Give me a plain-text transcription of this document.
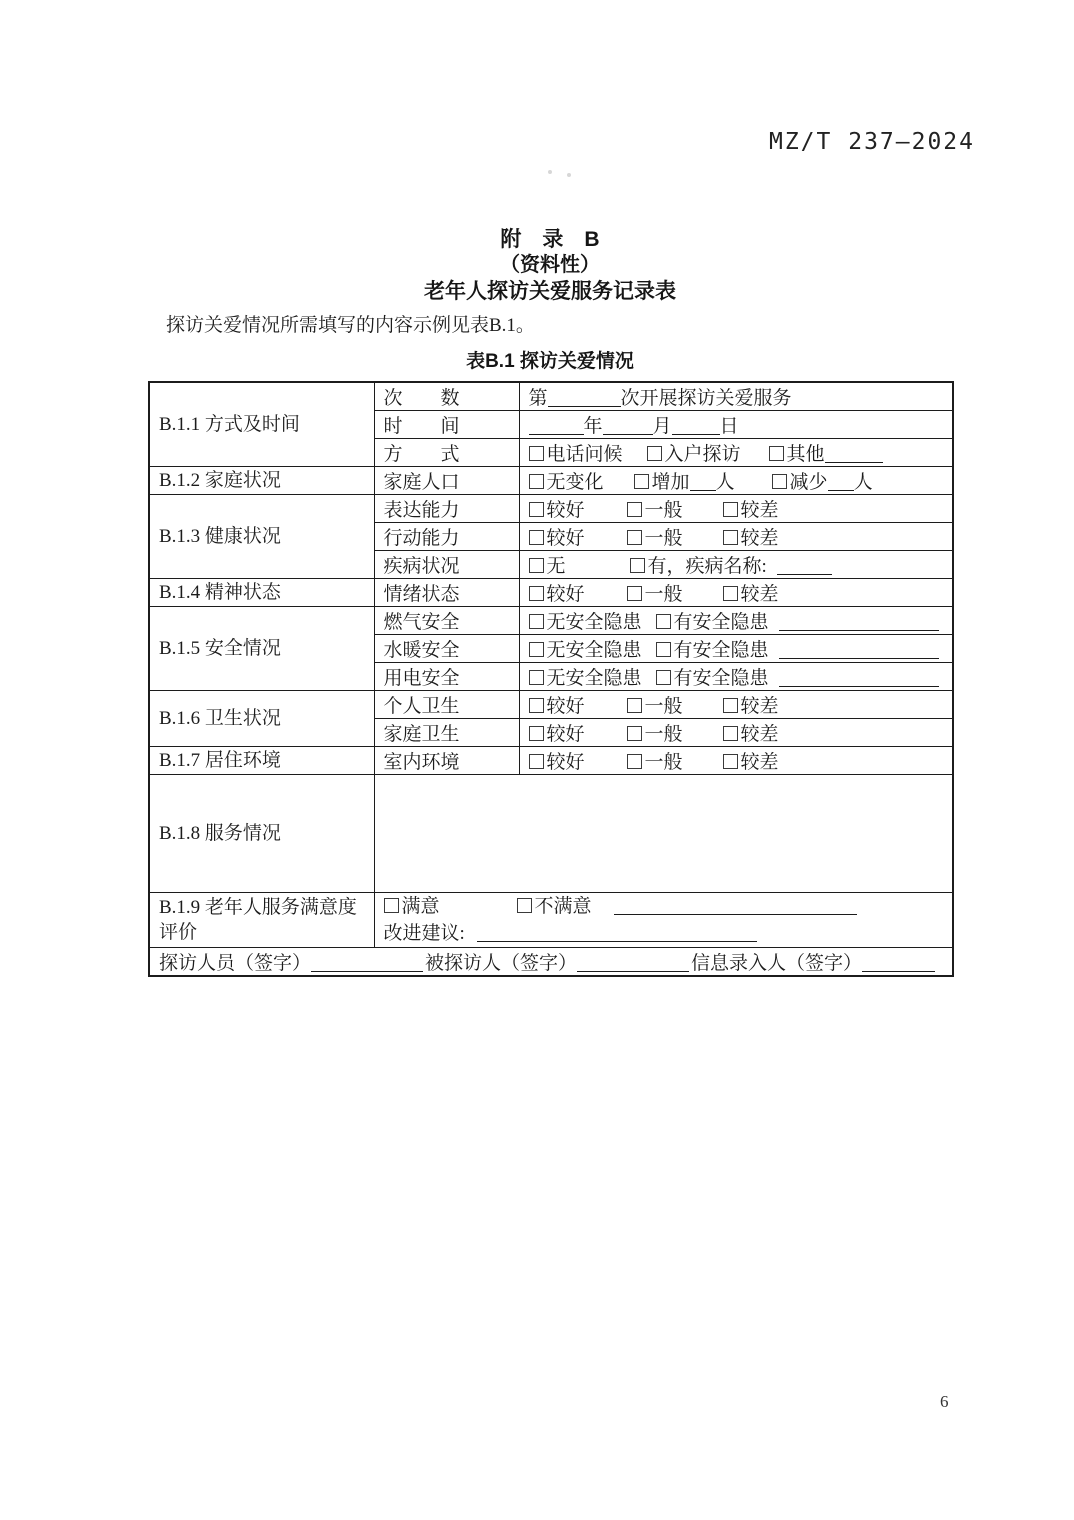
MZ/T 237—2024
附　录　B
（资料性）
老年人探访关爱服务记录表
探访关爱情况所需填写的内容示例见表B.1。
表B.1 探访关爱情况
B.1.1 方式及时间	次　　数	第 次开展探访关爱服务
	时　　间	年 月 日
	方　　式	电话问候 入户探访 其他
B.1.2 家庭状况	家庭人口	无变化 增加 人 减少 人
B.1.3 健康状况	表达能力	较好 一般 较差
	行动能力	较好 一般 较差
	疾病状况	无 有，疾病名称:
B.1.4 精神状态	情绪状态	较好 一般 较差
B.1.5 安全情况	燃气安全	无安全隐患 有安全隐患
	水暖安全	无安全隐患 有安全隐患
	用电安全	无安全隐患 有安全隐患
B.1.6 卫生状况	个人卫生	较好 一般 较差
	家庭卫生	较好 一般 较差
B.1.7 居住环境	室内环境	较好 一般 较差
B.1.8 服务情况		
B.1.9 老年人服务满意度评价	满意 不满意
改进建议:	

探访人员（签字） 被探访人（签字） 信息录入人（签字）		
6
